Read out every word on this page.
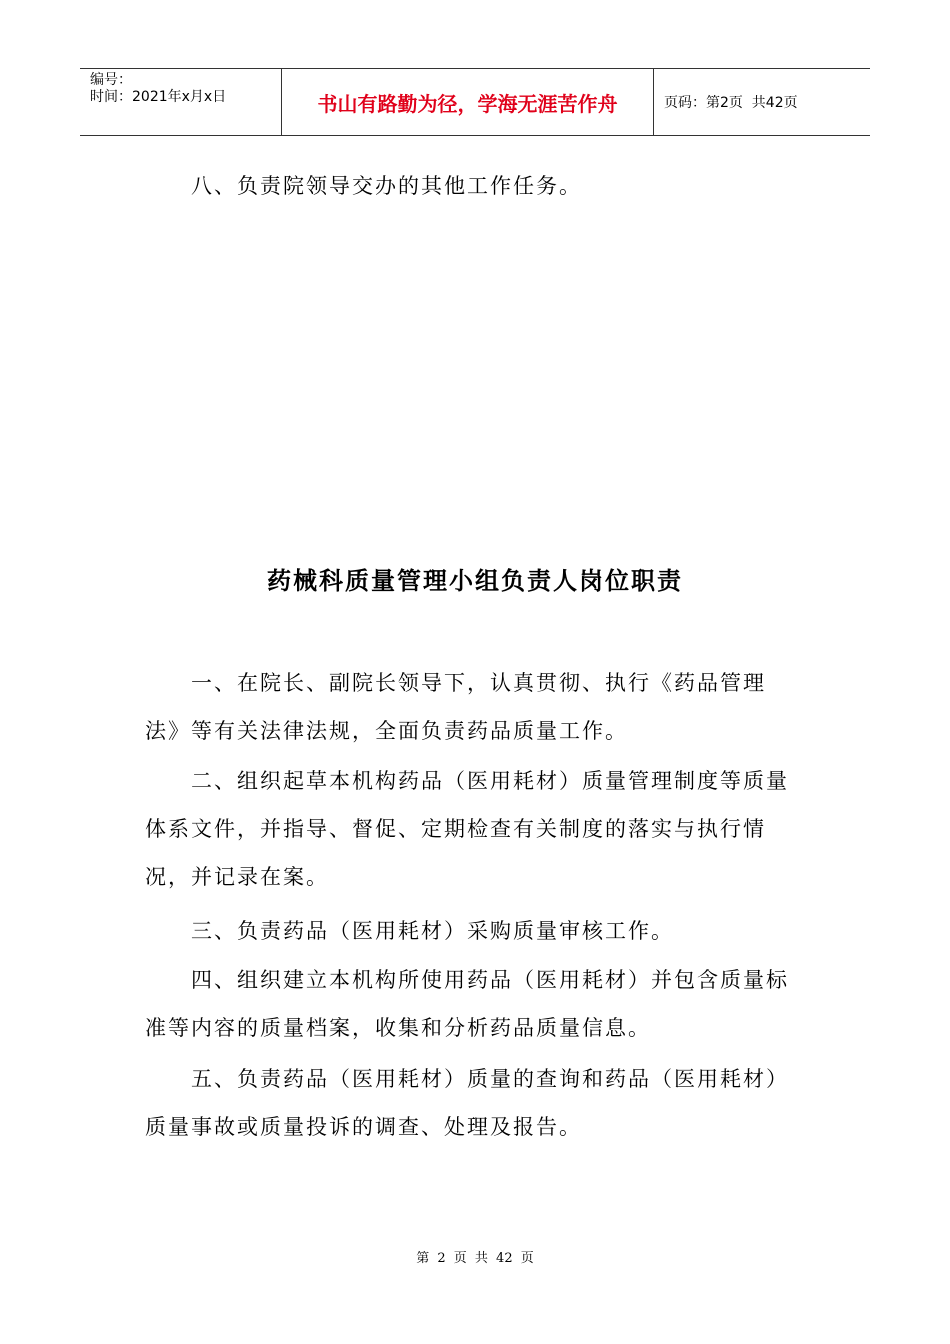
编号：
时间：2021年x月x日	书山有路勤为径，学海无涯苦作舟	页码：第2页  共42页
八、负责院领导交办的其他工作任务。
药械科质量管理小组负责人岗位职责
一、在院长、副院长领导下，认真贯彻、执行《药品管理法》等有关法律法规，全面负责药品质量工作。
二、组织起草本机构药品（医用耗材）质量管理制度等质量体系文件，并指导、督促、定期检查有关制度的落实与执行情况，并记录在案。
三、负责药品（医用耗材）采购质量审核工作。
四、组织建立本机构所使用药品（医用耗材）并包含质量标准等内容的质量档案，收集和分析药品质量信息。
五、负责药品（医用耗材）质量的查询和药品（医用耗材）质量事故或质量投诉的调查、处理及报告。
第 2 页 共 42 页
